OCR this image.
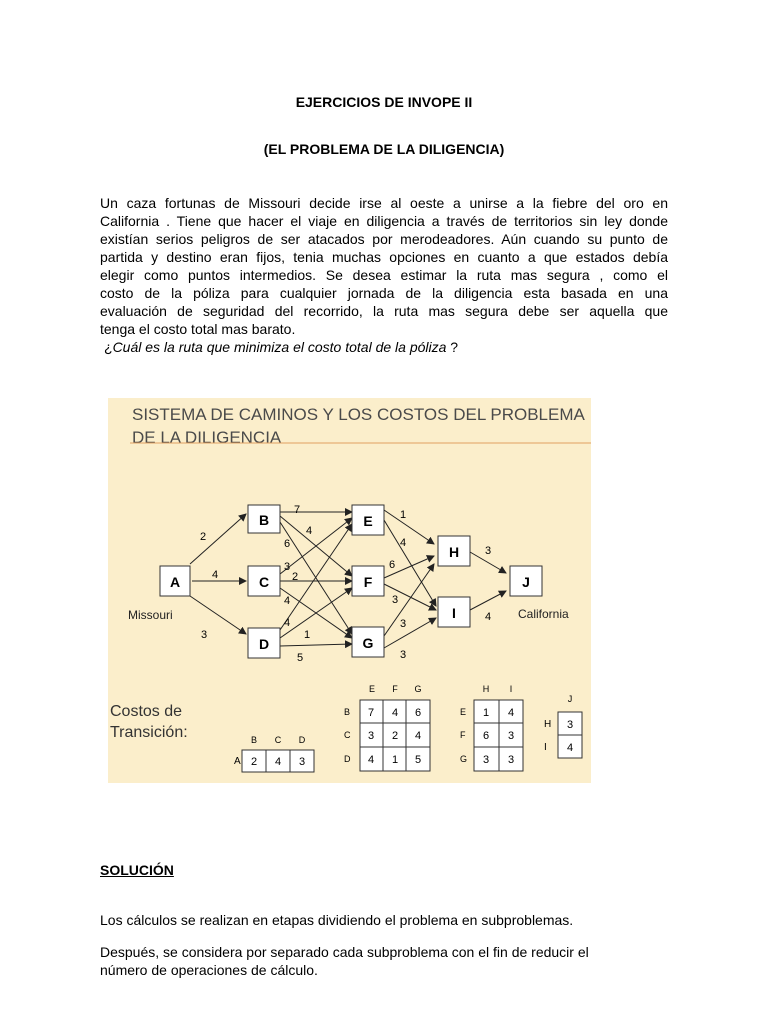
EJERCICIOS DE INVOPE II
(EL PROBLEMA DE LA DILIGENCIA)
Un caza fortunas de Missouri decide irse al oeste a unirse a la fiebre del oro en
California . Tiene que hacer el viaje en diligencia a través de territorios sin ley donde
existían serios peligros de ser atacados por merodeadores. Aún cuando su punto de
partida y destino eran fijos, tenia muchas opciones en cuanto a que estados debía
elegir como puntos intermedios. Se desea estimar la ruta mas segura , como el
costo de la póliza para cualquier jornada de la diligencia esta basada en una
evaluación de seguridad del recorrido, la ruta mas segura debe ser aquella que
tenga el costo total mas barato.
¿Cuál es la ruta que minimiza el costo total de la póliza ?
SISTEMA DE CAMINOS Y LOS COSTOS DEL PROBLEMA
DE LA DILIGENCIA
2
4
3
7
4
6
3
2
4
4
1
5
1
4
6
3
3
3
3
4
A
B
C
D
E
F
G
H
I
J
Missouri	California
Costos de
Transición:	B C D
A 2 4 3
E F G
B
C
D
7 4 6
3 2 4
4 1 5
H I
E
F
G
1 4
6 3
3 3
J
H
I
3
4
SOLUCIÓN
Los cálculos se realizan en etapas dividiendo el problema en subproblemas.
Después, se considera por separado cada subproblema con el fin de reducir el
número de operaciones de cálculo.
